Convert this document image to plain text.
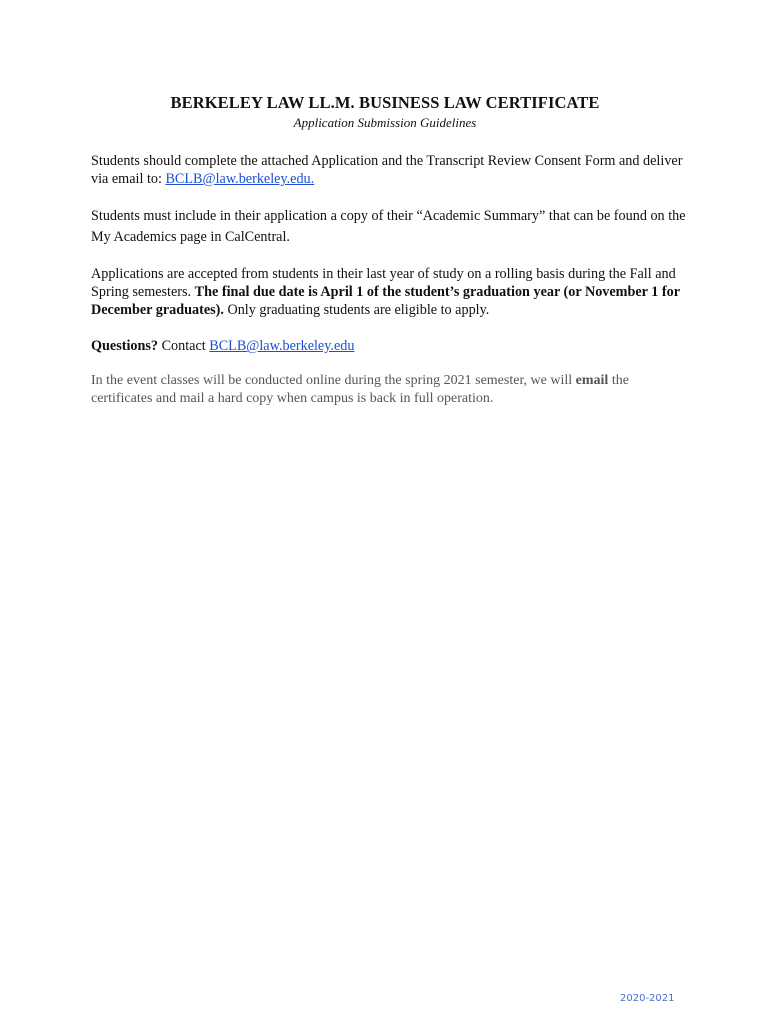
BERKELEY LAW LL.M. BUSINESS LAW CERTIFICATE
Application Submission Guidelines
Students should complete the attached Application and the Transcript Review Consent Form and deliver via email to: BCLB@law.berkeley.edu.
Students must include in their application a copy of their “Academic Summary” that can be found on the My Academics page in CalCentral.
Applications are accepted from students in their last year of study on a rolling basis during the Fall and Spring semesters. The final due date is April 1 of the student’s graduation year (or November 1 for December graduates). Only graduating students are eligible to apply.
Questions? Contact BCLB@law.berkeley.edu
In the event classes will be conducted online during the spring 2021 semester, we will email the certificates and mail a hard copy when campus is back in full operation.
2020-2021
